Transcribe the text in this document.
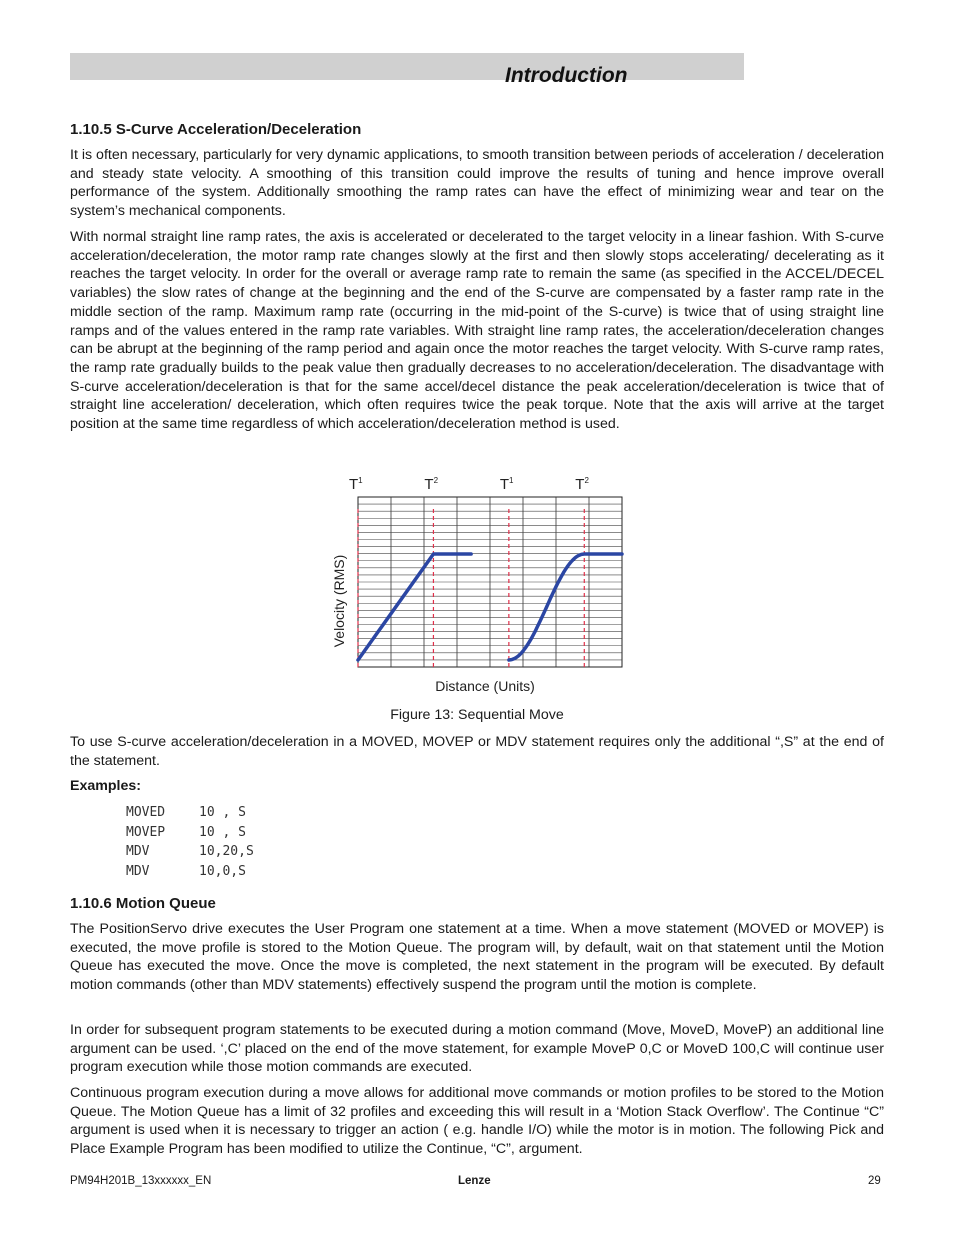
Introduction
1.10.5 S-Curve Acceleration/Deceleration

It is often necessary, particularly for very dynamic applications, to smooth transition between periods of acceleration / deceleration and steady state velocity. A smoothing of this transition could improve the results of tuning and hence improve overall performance of the system. Additionally smoothing the ramp rates can have the effect of minimizing wear and tear on the system’s mechanical components.

With normal straight line ramp rates, the axis is accelerated or decelerated to the target velocity in a linear fashion. With S-curve acceleration/deceleration, the motor ramp rate changes slowly at the first and then slowly stops accelerating/ decelerating as it reaches the target velocity. In order for the overall or average ramp rate to remain the same (as specified in the ACCEL/DECEL variables) the slow rates of change at the beginning and the end of the S-curve are compensated by a faster ramp rate in the middle section of the ramp. Maximum ramp rate (occurring in the mid-point of the S-curve) is twice that of using straight line ramps and of the values entered in the ramp rate variables. With straight line ramp rates, the acceleration/deceleration changes can be abrupt at the beginning of the ramp period and again once the motor reaches the target velocity. With S-curve ramp rates, the ramp rate gradually builds to the peak value then gradually decreases to no acceleration/deceleration. The disadvantage with S-curve acceleration/deceleration is that for the same accel/decel distance the peak acceleration/deceleration is twice that of straight line acceleration/ deceleration, which often requires twice the peak torque. Note that the axis will arrive at the target position at the same time regardless of which acceleration/deceleration method is used.

$T^1$	$T^2$	$T^1$	$T^2$
Velocity (RMS)
Distance (Units)
Figure 13: Sequential Move

To use S-curve acceleration/deceleration in a MOVED, MOVEP or MDV statement requires only the additional “,S” at the end of the statement.

Examples:
MOVED	10 , S
MOVEP	10 , S
MDV	10,20,S
MDV	10,0,S
1.10.6 Motion Queue

The PositionServo drive executes the User Program one statement at a time. When a move statement (MOVED or MOVEP) is executed, the move profile is stored to the Motion Queue. The program will, by default, wait on that statement until the Motion Queue has executed the move. Once the move is completed, the next statement in the program will be executed. By default motion commands (other than MDV statements) effectively suspend the program until the motion is complete.

In order for subsequent program statements to be executed during a motion command (Move, MoveD, MoveP) an additional line argument can be used. ‘,C’ placed on the end of the move statement, for example MoveP 0,C or MoveD 100,C will continue user program execution while those motion commands are executed.

Continuous program execution during a move allows for additional move commands or motion profiles to be stored to the Motion Queue. The Motion Queue has a limit of 32 profiles and exceeding this will result in a ‘Motion Stack Overflow’. The Continue “C” argument is used when it is necessary to trigger an action ( e.g. handle I/O) while the motor is in motion. The following Pick and Place Example Program has been modified to utilize the Continue, “C”, argument.

PM94H201B_13xxxxxx_EN	Lenze	29
